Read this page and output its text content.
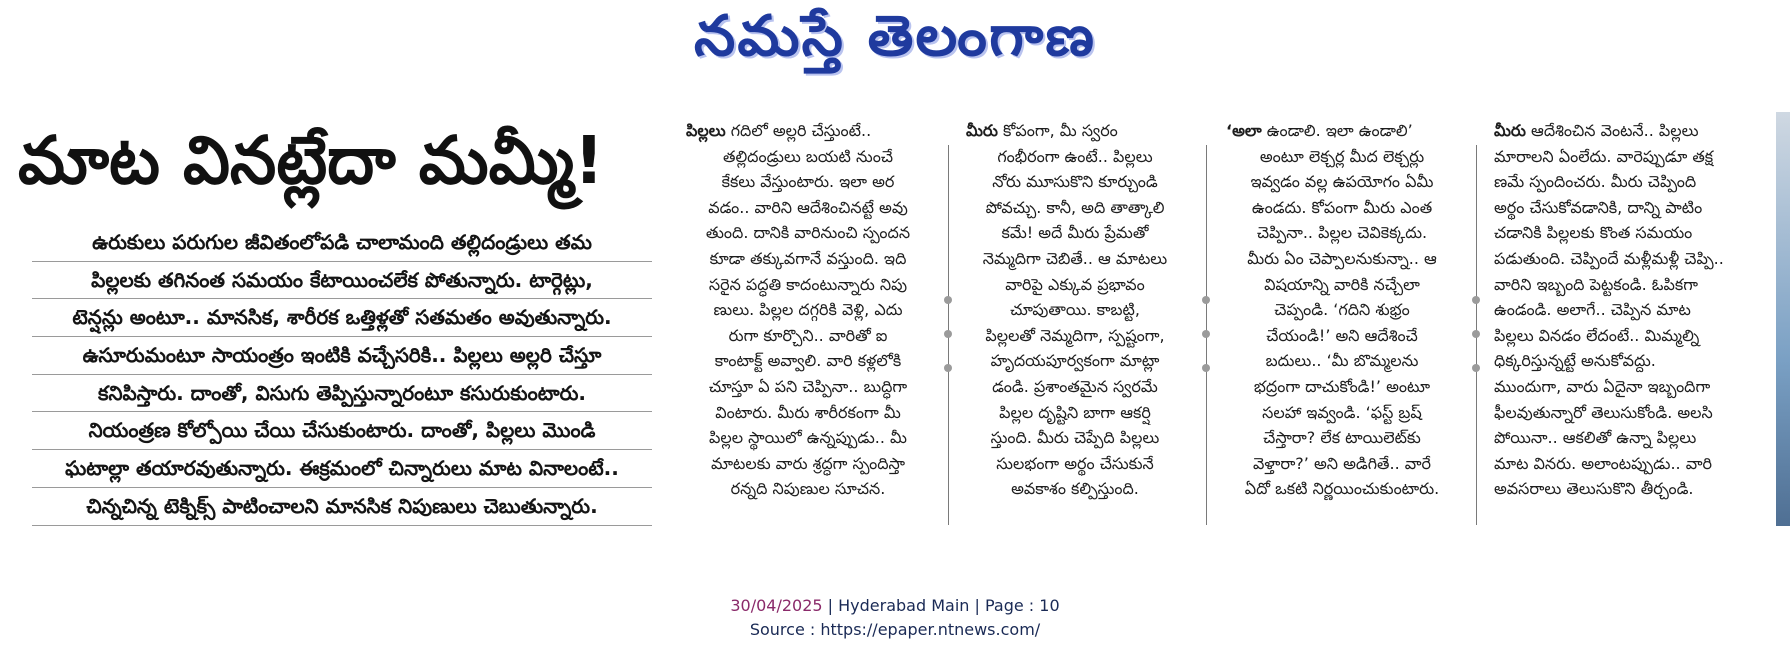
నమస్తే తెలంగాణ
మాట వినట్లేదా మమ్మీ!
ఉరుకులు పరుగుల జీవితంలోపడి చాలామంది తల్లిదండ్రులు తమ
పిల్లలకు తగినంత సమయం కేటాయించలేక పోతున్నారు. టార్గెట్లు,
టెన్షన్లు అంటూ.. మానసిక, శారీరక ఒత్తిళ్లతో సతమతం అవుతున్నారు.
ఉసూరుమంటూ సాయంత్రం ఇంటికి వచ్చేసరికి.. పిల్లలు అల్లరి చేస్తూ
కనిపిస్తారు. దాంతో, విసుగు తెప్పిస్తున్నారంటూ కసురుకుంటారు.
నియంత్రణ కోల్పోయి చేయి చేసుకుంటారు. దాంతో, పిల్లలు మొండి
ఘటాల్లా తయారవుతున్నారు. ఈక్రమంలో చిన్నారులు మాట వినాలంటే..
చిన్నచిన్న టెక్నిక్స్ పాటించాలని మానసిక నిపుణులు చెబుతున్నారు.
పిల్లలు గదిలో అల్లరి చేస్తుంటే..
తల్లిదండ్రులు బయటి నుంచే
కేకలు వేస్తుంటారు. ఇలా అర
వడం.. వారిని ఆదేశించినట్టే అవు
తుంది. దానికి వారినుంచి స్పందన
కూడా తక్కువగానే వస్తుంది. ఇది
సరైన పద్ధతి కాదంటున్నారు నిపు
ణులు. పిల్లల దగ్గరికి వెళ్లి, ఎదు
రుగా కూర్చొని.. వారితో ఐ
కాంటాక్ట్ అవ్వాలి. వారి కళ్లలోకి
చూస్తూ ఏ పని చెప్పినా.. బుద్ధిగా
వింటారు. మీరు శారీరకంగా మీ
పిల్లల స్థాయిలో ఉన్నప్పుడు.. మీ
మాటలకు వారు శ్రద్ధగా స్పందిస్తా
రన్నది నిపుణుల సూచన.
మీరు కోపంగా, మీ స్వరం
గంభీరంగా ఉంటే.. పిల్లలు
నోరు మూసుకొని కూర్చుండి
పోవచ్చు. కానీ, అది తాత్కాలి
కమే! అదే మీరు ప్రేమతో
నెమ్మదిగా చెబితే.. ఆ మాటలు
వారిపై ఎక్కువ ప్రభావం
చూపుతాయి. కాబట్టి,
పిల్లలతో నెమ్మదిగా, స్పష్టంగా,
హృదయపూర్వకంగా మాట్లా
డండి. ప్రశాంతమైన స్వరమే
పిల్లల దృష్టిని బాగా ఆకర్షి
స్తుంది. మీరు చెప్పేది పిల్లలు
సులభంగా అర్థం చేసుకునే
అవకాశం కల్పిస్తుంది.
‘అలా ఉండాలి. ఇలా ఉండాలి’
అంటూ లెక్చర్ల మీద లెక్చర్లు
ఇవ్వడం వల్ల ఉపయోగం ఏమీ
ఉండదు. కోపంగా మీరు ఎంత
చెప్పినా.. పిల్లల చెవికెక్కదు.
మీరు ఏం చెప్పాలనుకున్నా.. ఆ
విషయాన్ని వారికి నచ్చేలా
చెప్పండి. ‘గదిని శుభ్రం
చేయండి!’ అని ఆదేశించే
బదులు.. ‘మీ బొమ్మలను
భద్రంగా దాచుకోండి!’ అంటూ
సలహా ఇవ్వండి. ‘ఫస్ట్ బ్రష్
చేస్తారా? లేక టాయిలెట్‌కు
వెళ్తారా?’ అని అడిగితే.. వారే
ఏదో ఒకటి నిర్ణయించుకుంటారు.
మీరు ఆదేశించిన వెంటనే.. పిల్లలు
మారాలని ఏంలేదు. వారెప్పుడూ తక్ష
ణమే స్పందించరు. మీరు చెప్పింది
అర్థం చేసుకోవడానికి, దాన్ని పాటిం
చడానికి పిల్లలకు కొంత సమయం
పడుతుంది. చెప్పిందే మళ్లీమళ్లీ చెప్పి..
వారిని ఇబ్బంది పెట్టకండి. ఓపికగా
ఉండండి. అలాగే.. చెప్పిన మాట
పిల్లలు వినడం లేదంటే.. మిమ్మల్ని
ధిక్కరిస్తున్నట్టే అనుకోవద్దు.
ముందుగా, వారు ఏదైనా ఇబ్బందిగా
ఫీలవుతున్నారో తెలుసుకోండి. అలసి
పోయినా.. ఆకలితో ఉన్నా పిల్లలు
మాట వినరు. అలాంటప్పుడు.. వారి
అవసరాలు తెలుసుకొని తీర్చండి.
30/04/2025 | Hyderabad Main | Page : 10
Source : https://epaper.ntnews.com/
